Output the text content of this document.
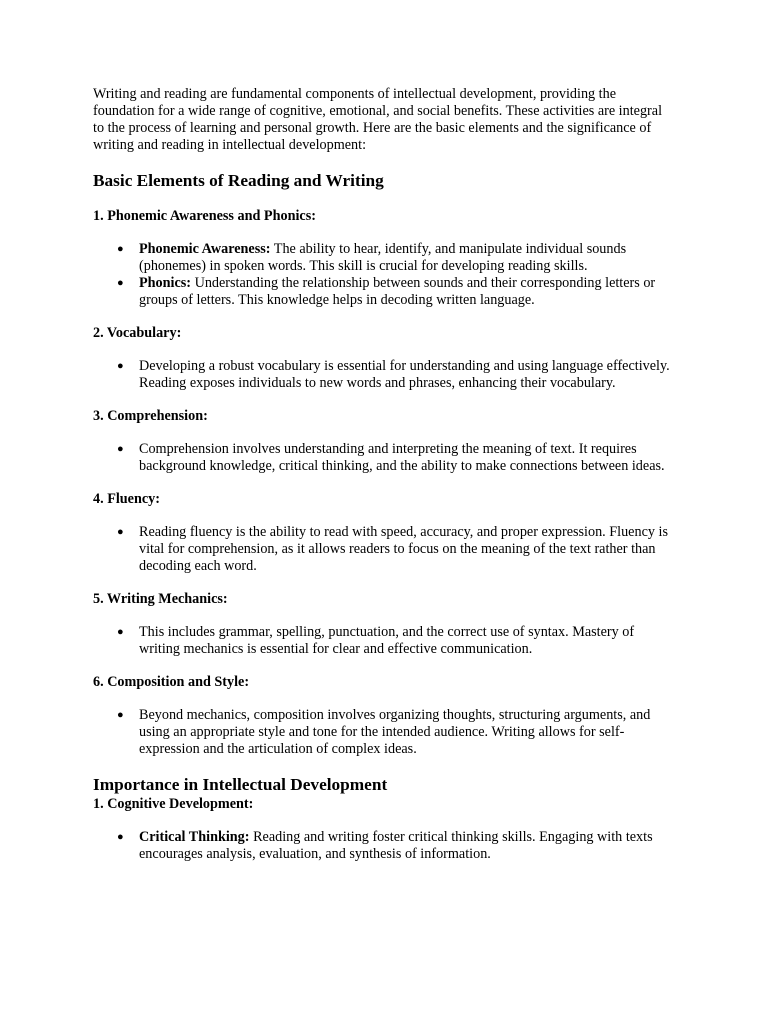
Writing and reading are fundamental components of intellectual development, providing the foundation for a wide range of cognitive, emotional, and social benefits. These activities are integral to the process of learning and personal growth. Here are the basic elements and the significance of writing and reading in intellectual development:

Basic Elements of Reading and Writing
1. Phonemic Awareness and Phonics:
● Phonemic Awareness: The ability to hear, identify, and manipulate individual sounds (phonemes) in spoken words. This skill is crucial for developing reading skills.
● Phonics: Understanding the relationship between sounds and their corresponding letters or groups of letters. This knowledge helps in decoding written language.
2. Vocabulary:
● Developing a robust vocabulary is essential for understanding and using language effectively. Reading exposes individuals to new words and phrases, enhancing their vocabulary.
3. Comprehension:
● Comprehension involves understanding and interpreting the meaning of text. It requires background knowledge, critical thinking, and the ability to make connections between ideas.
4. Fluency:
● Reading fluency is the ability to read with speed, accuracy, and proper expression. Fluency is vital for comprehension, as it allows readers to focus on the meaning of the text rather than decoding each word.
5. Writing Mechanics:
● This includes grammar, spelling, punctuation, and the correct use of syntax. Mastery of writing mechanics is essential for clear and effective communication.
6. Composition and Style:
● Beyond mechanics, composition involves organizing thoughts, structuring arguments, and using an appropriate style and tone for the intended audience. Writing allows for self-expression and the articulation of complex ideas.
Importance in Intellectual Development
1. Cognitive Development:
● Critical Thinking: Reading and writing foster critical thinking skills. Engaging with texts encourages analysis, evaluation, and synthesis of information.
